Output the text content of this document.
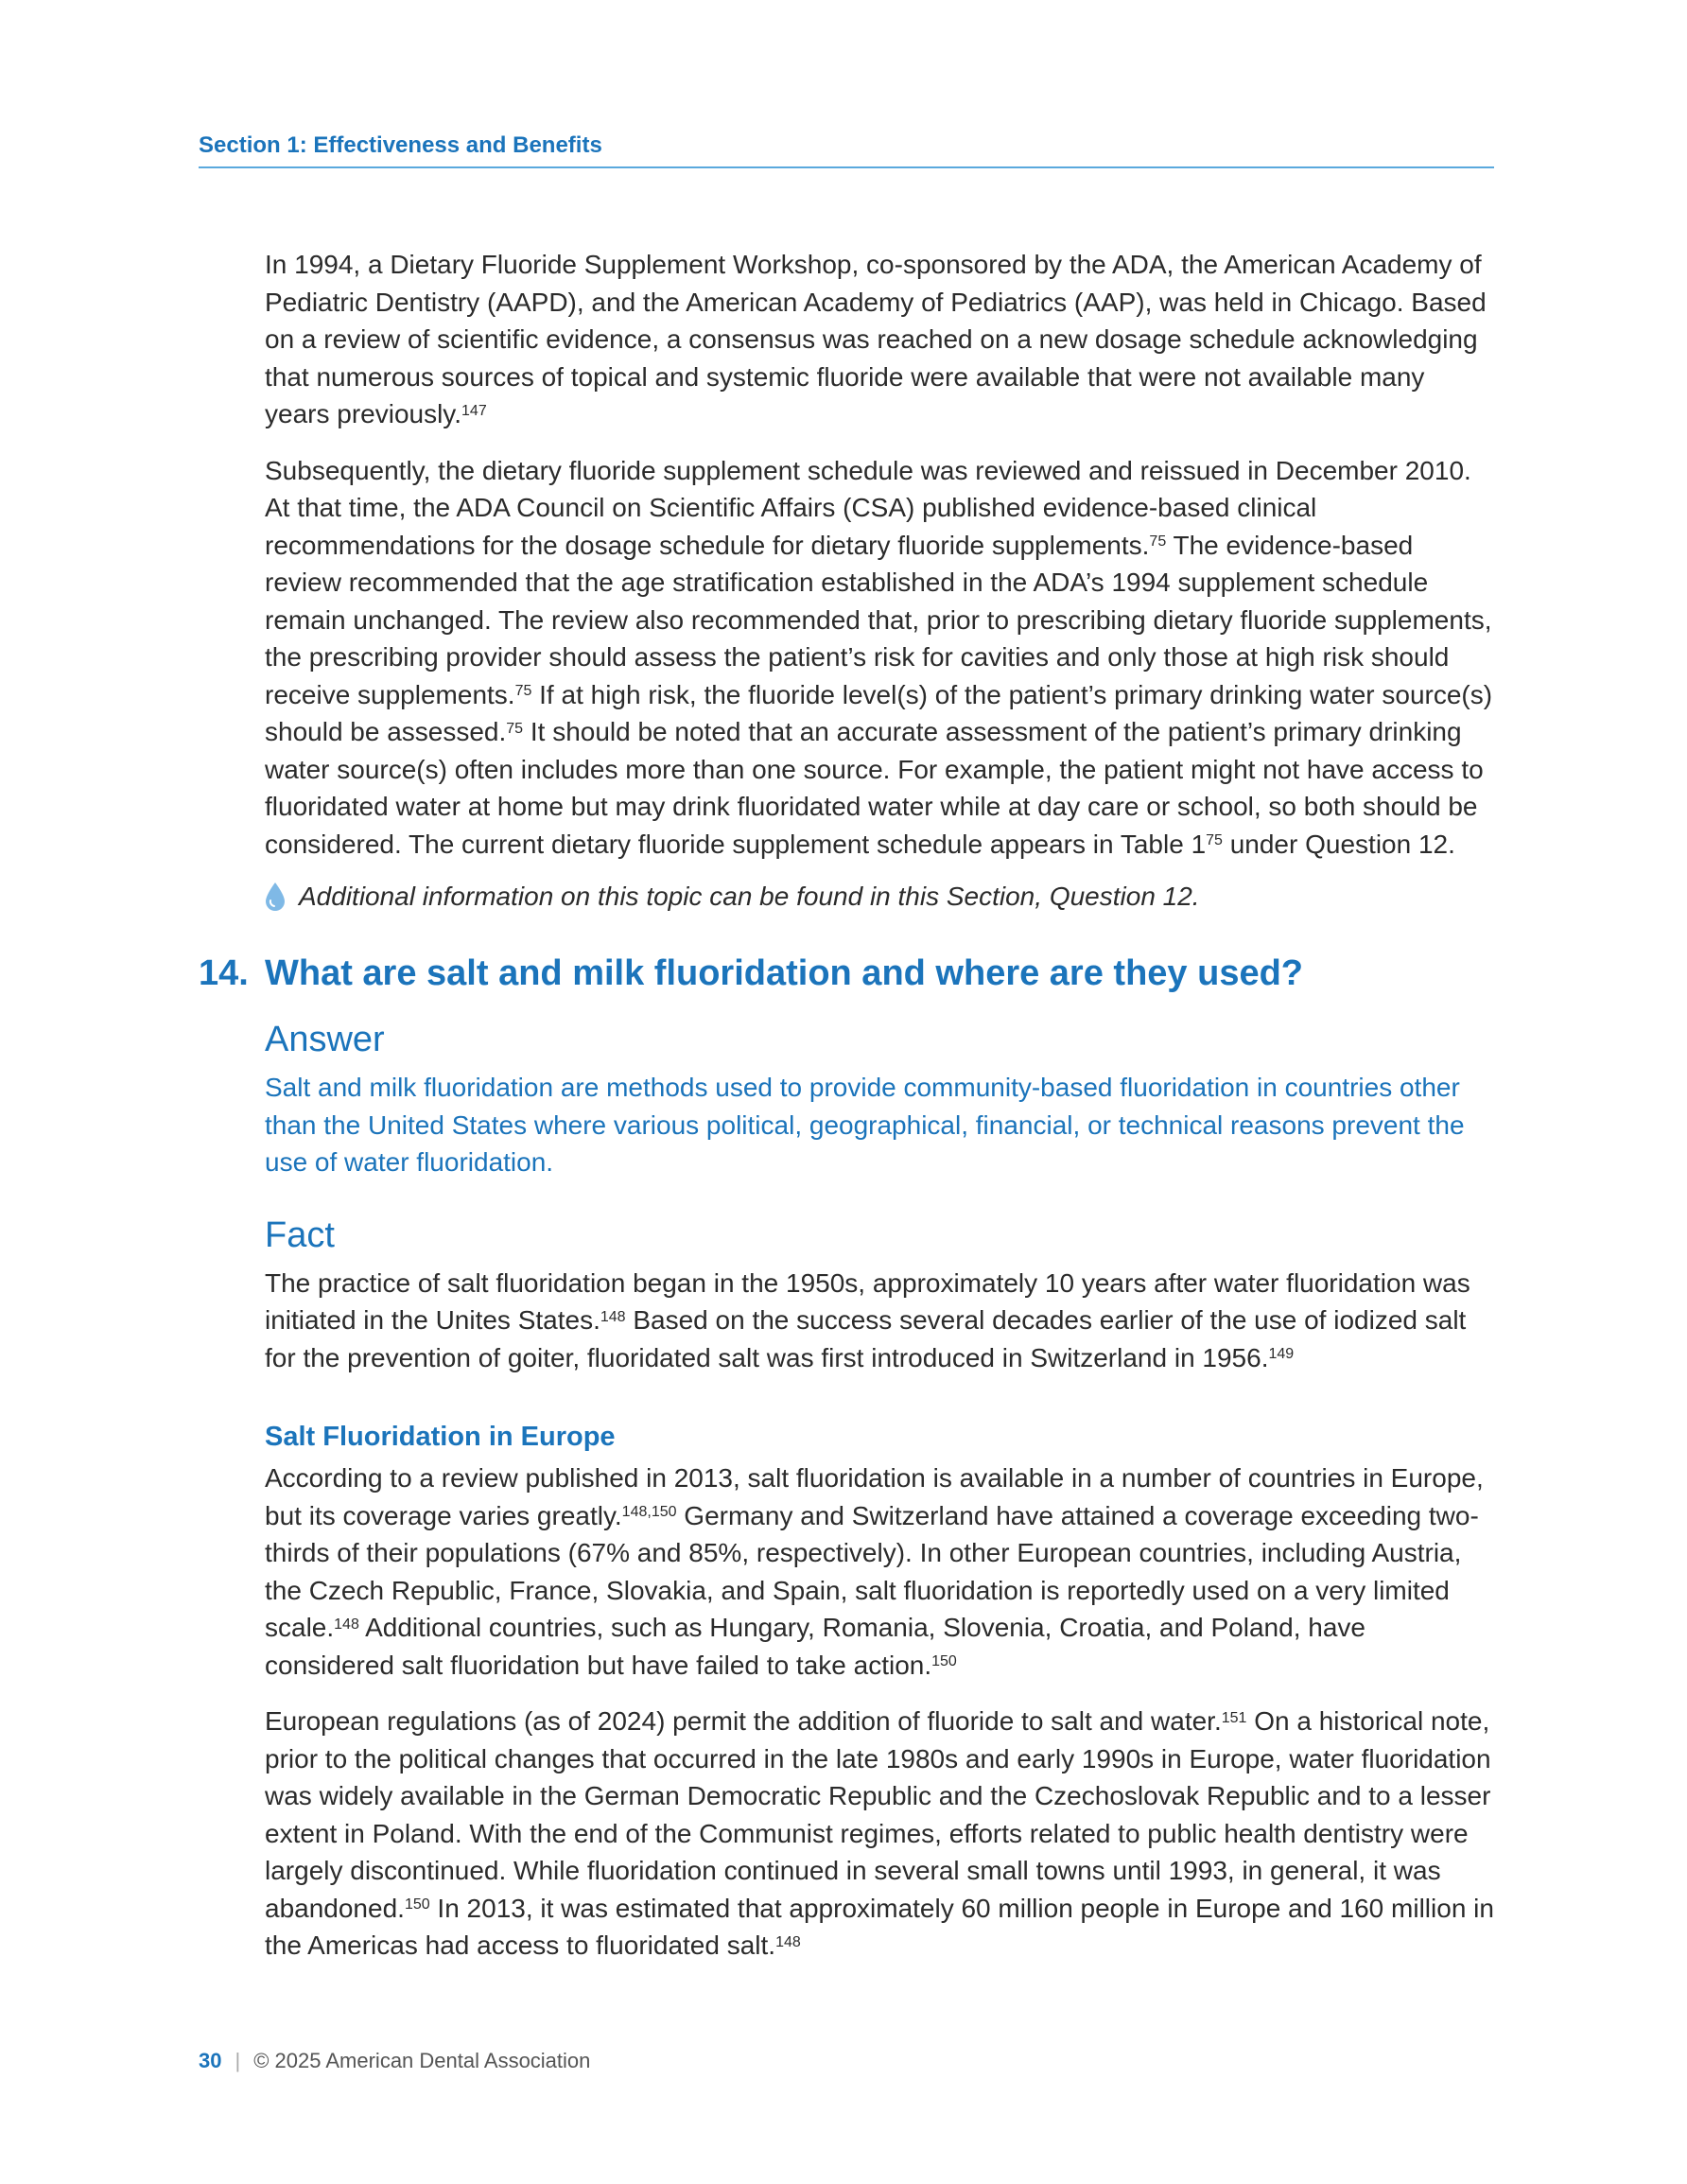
Section 1: Effectiveness and Benefits

In 1994, a Dietary Fluoride Supplement Workshop, co-sponsored by the ADA, the American Academy of Pediatric Dentistry (AAPD), and the American Academy of Pediatrics (AAP), was held in Chicago. Based on a review of scientific evidence, a consensus was reached on a new dosage schedule acknowledging that numerous sources of topical and systemic fluoride were available that were not available many years previously.$^{147}$

Subsequently, the dietary fluoride supplement schedule was reviewed and reissued in December 2010. At that time, the ADA Council on Scientific Affairs (CSA) published evidence-based clinical recommendations for the dosage schedule for dietary fluoride supplements.$^{75}$ The evidence-based review recommended that the age stratification established in the ADA’s 1994 supplement schedule remain unchanged. The review also recommended that, prior to prescribing dietary fluoride supplements, the prescribing provider should assess the patient’s risk for cavities and only those at high risk should receive supplements.$^{75}$ If at high risk, the fluoride level(s) of the patient’s primary drinking water source(s) should be assessed.$^{75}$ It should be noted that an accurate assessment of the patient’s primary drinking water source(s) often includes more than one source. For example, the patient might not have access to fluoridated water at home but may drink fluoridated water while at day care or school, so both should be considered. The current dietary fluoride supplement schedule appears in Table $1^{75}$ under Question 12.

Additional information on this topic can be found in this Section, Question 12.
14. What are salt and milk fluoridation and where are they used?
Answer

Salt and milk fluoridation are methods used to provide community-based fluoridation in countries other than the United States where various political, geographical, financial, or technical reasons prevent the use of water fluoridation.

Fact

The practice of salt fluoridation began in the 1950s, approximately 10 years after water fluoridation was initiated in the Unites States.$^{148}$ Based on the success several decades earlier of the use of iodized salt for the prevention of goiter, fluoridated salt was first introduced in Switzerland in 1956.$^{149}$

Salt Fluoridation in Europe

According to a review published in 2013, salt fluoridation is available in a number of countries in Europe, but its coverage varies greatly.$^{148,150}$ Germany and Switzerland have attained a coverage exceeding two-thirds of their populations (67% and 85%, respectively). In other European countries, including Austria, the Czech Republic, France, Slovakia, and Spain, salt fluoridation is reportedly used on a very limited scale.$^{148}$ Additional countries, such as Hungary, Romania, Slovenia, Croatia, and Poland, have considered salt fluoridation but have failed to take action.$^{150}$

European regulations (as of 2024) permit the addition of fluoride to salt and water.$^{151}$ On a historical note, prior to the political changes that occurred in the late 1980s and early 1990s in Europe, water fluoridation was widely available in the German Democratic Republic and the Czechoslovak Republic and to a lesser extent in Poland. With the end of the Communist regimes, efforts related to public health dentistry were largely discontinued. While fluoridation continued in several small towns until 1993, in general, it was abandoned.$^{150}$ In 2013, it was estimated that approximately 60 million people in Europe and 160 million in the Americas had access to fluoridated salt.$^{148}$

30 | © 2025 American Dental Association
